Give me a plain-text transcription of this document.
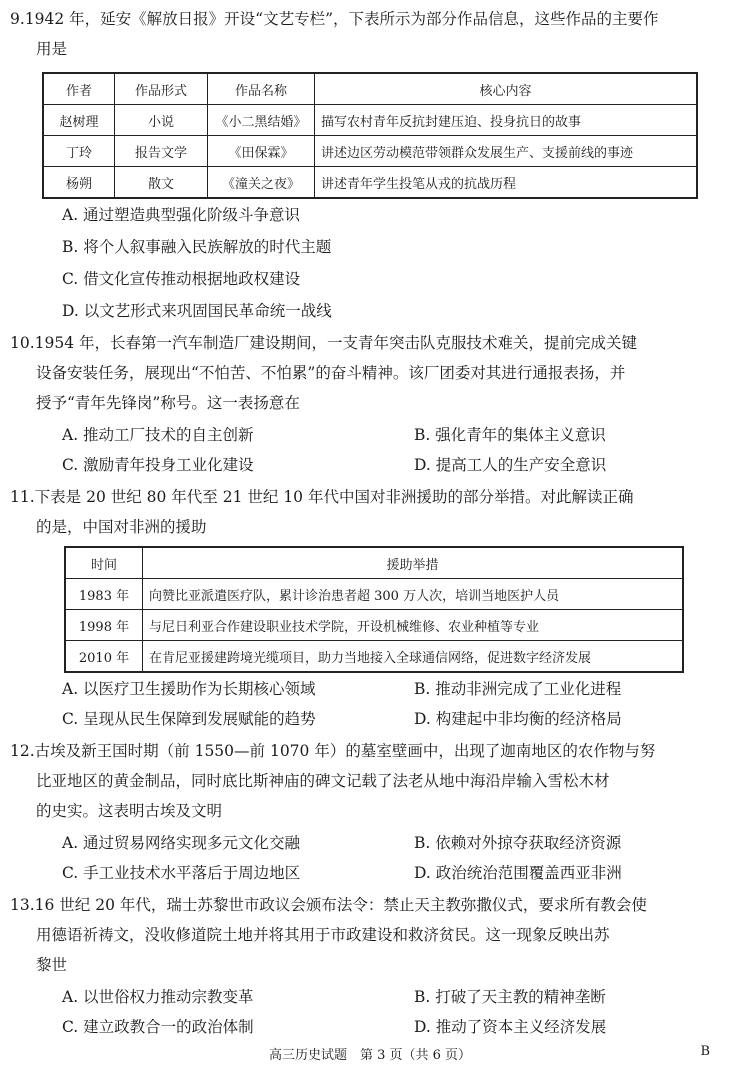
9.1942 年，延安《解放日报》开设“文艺专栏”，下表所示为部分作品信息，这些作品的主要作
用是
作者	作品形式	作品名称	核心内容
赵树理	小说	《小二黑结婚》	描写农村青年反抗封建压迫、投身抗日的故事
丁玲	报告文学	《田保霖》	讲述边区劳动模范带领群众发展生产、支援前线的事迹
杨朔	散文	《潼关之夜》	讲述青年学生投笔从戎的抗战历程
A. 通过塑造典型强化阶级斗争意识
B. 将个人叙事融入民族解放的时代主题
C. 借文化宣传推动根据地政权建设
D. 以文艺形式来巩固国民革命统一战线
10.1954 年，长春第一汽车制造厂建设期间，一支青年突击队克服技术难关，提前完成关键
设备安装任务，展现出“不怕苦、不怕累”的奋斗精神。该厂团委对其进行通报表扬，并
授予“青年先锋岗”称号。这一表扬意在
A. 推动工厂技术的自主创新	B. 强化青年的集体主义意识
C. 激励青年投身工业化建设	D. 提高工人的生产安全意识
11.下表是 20 世纪 80 年代至 21 世纪 10 年代中国对非洲援助的部分举措。对此解读正确
的是，中国对非洲的援助
时间	援助举措
1983 年	向赞比亚派遣医疗队，累计诊治患者超 300 万人次，培训当地医护人员
1998 年	与尼日利亚合作建设职业技术学院，开设机械维修、农业种植等专业
2010 年	在肯尼亚援建跨境光缆项目，助力当地接入全球通信网络，促进数字经济发展
A. 以医疗卫生援助作为长期核心领域	B. 推动非洲完成了工业化进程
C. 呈现从民生保障到发展赋能的趋势	D. 构建起中非均衡的经济格局
12.古埃及新王国时期（前 1550—前 1070 年）的墓室壁画中，出现了迦南地区的农作物与努
比亚地区的黄金制品，同时底比斯神庙的碑文记载了法老从地中海沿岸输入雪松木材
的史实。这表明古埃及文明
A. 通过贸易网络实现多元文化交融	B. 依赖对外掠夺获取经济资源
C. 手工业技术水平落后于周边地区	D. 政治统治范围覆盖西亚非洲
13.16 世纪 20 年代，瑞士苏黎世市政议会颁布法令：禁止天主教弥撒仪式，要求所有教会使
用德语祈祷文，没收修道院土地并将其用于市政建设和救济贫民。这一现象反映出苏
黎世
A. 以世俗权力推动宗教变革	B. 打破了天主教的精神垄断
C. 建立政教合一的政治体制	D. 推动了资本主义经济发展
高三历史试题　第 3 页（共 6 页）	B
